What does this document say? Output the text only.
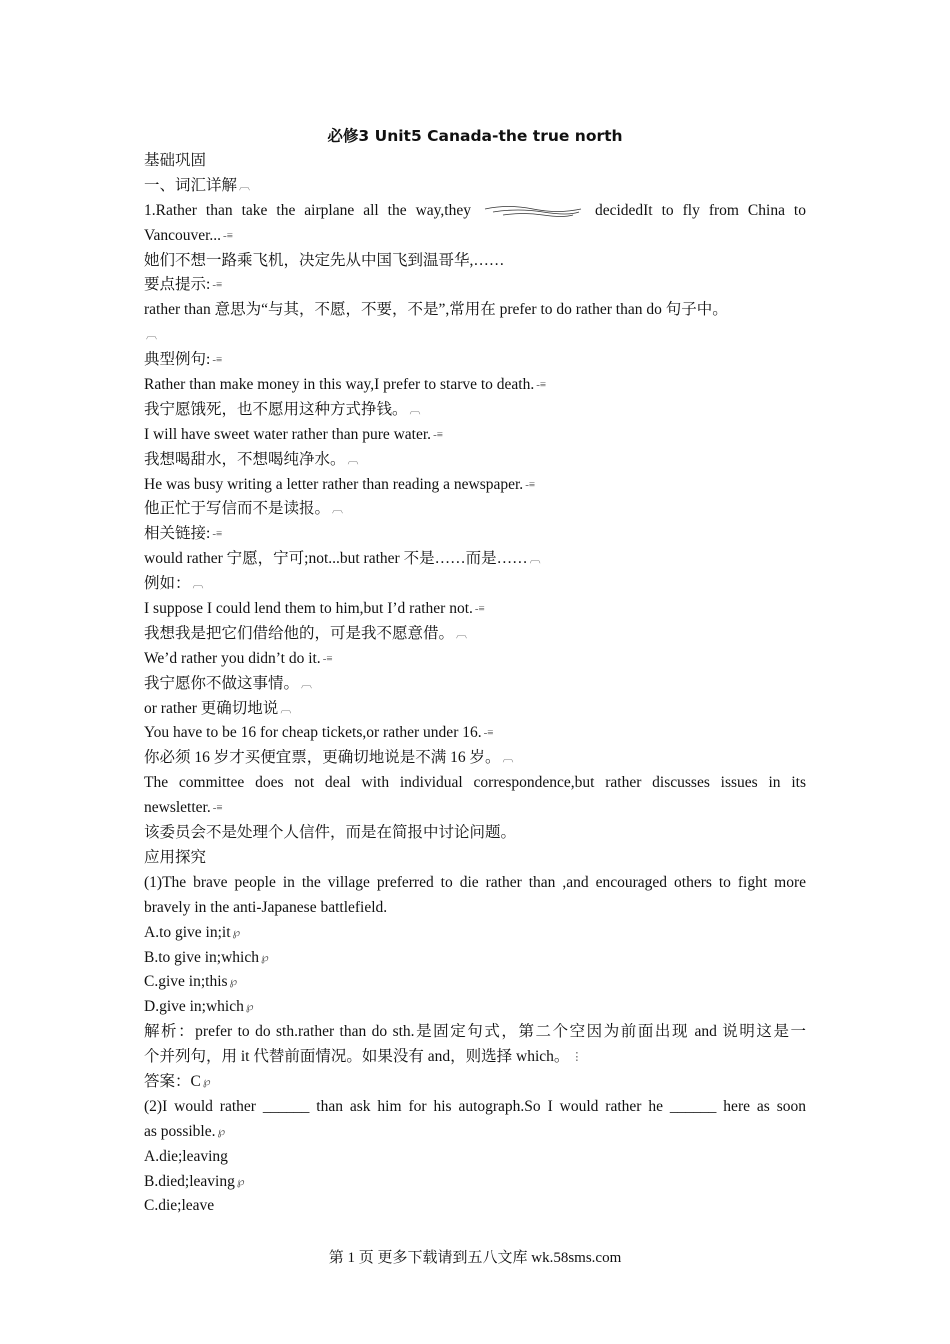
必修3 Unit5 Canada-the true north
基础巩固
一、词汇详解 ︹
1.Rather than take the airplane all the way,they	decidedIt to fly from China to
Vancouver... -≡
她们不想一路乘飞机，决定先从中国飞到温哥华,……
要点提示: -≡
rather than 意思为“与其，不愿，不要，不是”,常用在 prefer to do rather than do 句子中。
︹
典型例句: -≡
Rather than make money in this way,I prefer to starve to death. -≡
我宁愿饿死，也不愿用这种方式挣钱。 ︹
I will have sweet water rather than pure water. -≡
我想喝甜水，不想喝纯净水。 ︹
He was busy writing a letter rather than reading a newspaper. -≡
他正忙于写信而不是读报。 ︹
相关链接: -≡
would rather 宁愿，宁可;not...but rather 不是……而是…… ︹
例如： ︹
I suppose I could lend them to him,but I’d rather not. -≡
我想我是把它们借给他的，可是我不愿意借。 ︹
We’d rather you didn’t do it. -≡
我宁愿你不做这事情。 ︹
or rather 更确切地说 ︹
You have to be 16 for cheap tickets,or rather under 16. -≡
你必须 16 岁才买便宜票，更确切地说是不满 16 岁。 ︹
The committee does not deal with individual correspondence,but rather discusses issues in its
newsletter. -≡
该委员会不是处理个人信件，而是在简报中讨论问题。
应用探究
(1)The brave people in the village preferred to die rather than ,and encouraged others to fight more
bravely in the anti-Japanese battlefield.
A.to give in;it ℘
B.to give in;which ℘
C.give in;this ℘
D.give in;which ℘
解析：prefer to do sth.rather than do sth.是固定句式，第二个空因为前面出现 and 说明这是一
个并列句，用 it 代替前面情况。如果没有 and，则选择 which。 ⋮
答案：C ℘
(2)I would rather ______ than ask him for his autograph.So I would rather he ______ here as soon
as possible. ℘
A.die;leaving
B.died;leaving ℘
C.die;leave
第 1 页 更多下载请到五八文库 wk.58sms.com
